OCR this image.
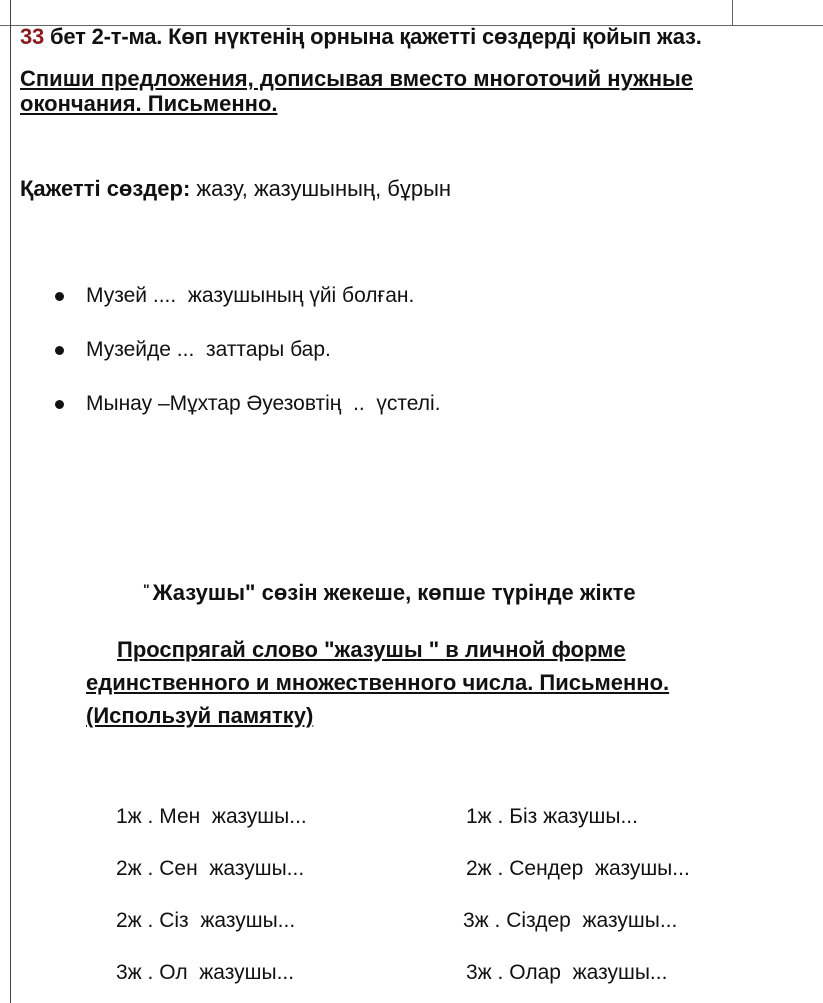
33 бет 2-т-ма. Көп нүктенің орнына қажетті сөздерді қойып жаз.
Спиши предложения, дописывая вместо многоточий нужные окончания. Письменно.
Қажетті сөздер: жазу, жазушының, бұрын
Музей ....  жазушының үйі болған.
Музейде ...  заттары бар.
Мынау –Мұхтар Әуезовтің  ..  үстелі.
" Жазушы" сөзін жекеше, көпше түрінде жікте
Проспрягай слово "жазушы " в личной форме единственного и множественного числа. Письменно. (Используй памятку)
1ж . Мен  жазушы...
2ж . Сен  жазушы...
2ж . Сіз  жазушы...
3ж . Ол  жазушы...
1ж . Біз жазушы...
2ж . Сендер  жазушы...
3ж . Сіздер  жазушы...
3ж . Олар  жазушы...
